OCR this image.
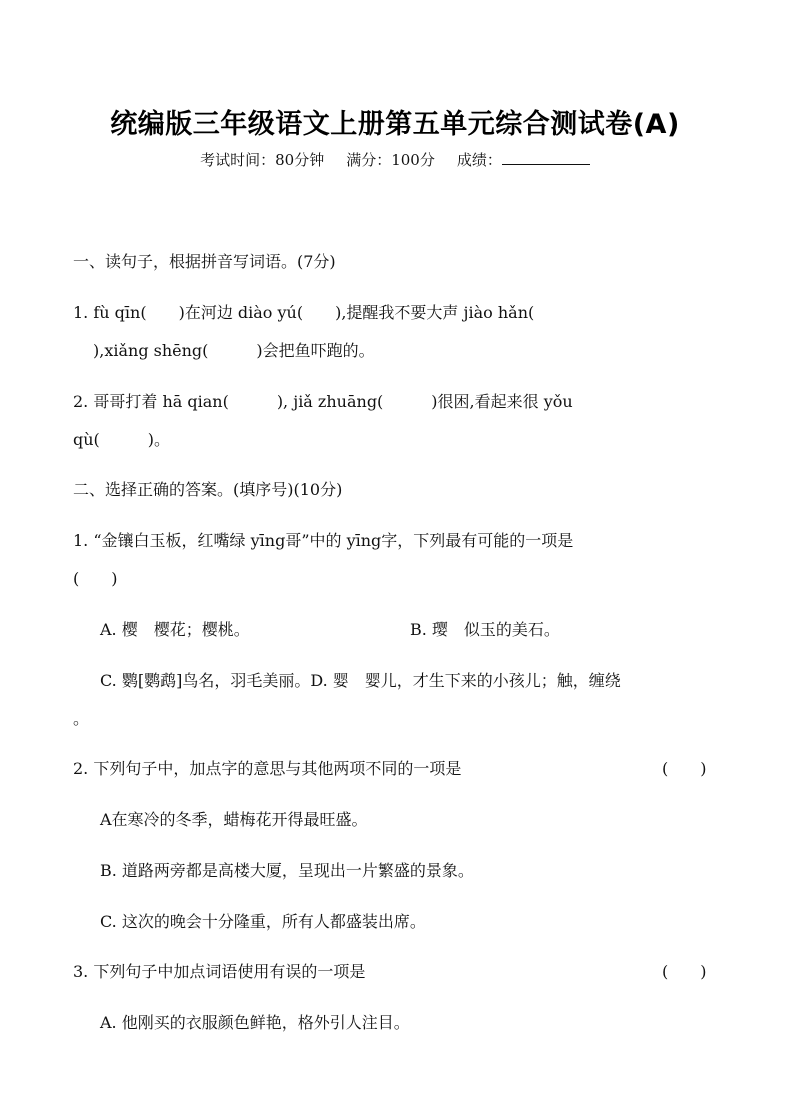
统编版三年级语文上册第五单元综合测试卷(A)
考试时间：80分钟 满分：100分 成绩：
一、读句子，根据拼音写词语。(7分)
1. fù qīn(　　)在河边 diào yú(　　),提醒我不要大声 jiào hǎn(
),xiǎng shēng(　　　)会把鱼吓跑的。
2. 哥哥打着 hā qian(　　　), jiǎ zhuāng(　　　)很困,看起来很 yǒu
qù(　　　)。
二、选择正确的答案。(填序号)(10分)
1. “金镶白玉板，红嘴绿 yīng哥”中的 yīng字，下列最有可能的一项是
(　　)
A. 樱　樱花；樱桃。	B. 璎　似玉的美石。
C. 鹦[鹦鹉]鸟名，羽毛美丽。D. 婴　婴儿，才生下来的小孩儿；触，缠绕
。
2. 下列句子中，加点字的意思与其他两项不同的一项是	(　　)
A在寒冷的冬季，蜡梅花开得最旺盛。
B. 道路两旁都是高楼大厦，呈现出一片繁盛的景象。
C. 这次的晚会十分隆重，所有人都盛装出席。
3. 下列句子中加点词语使用有误的一项是	(　　)
A. 他刚买的衣服颜色鲜艳，格外引人注目。
